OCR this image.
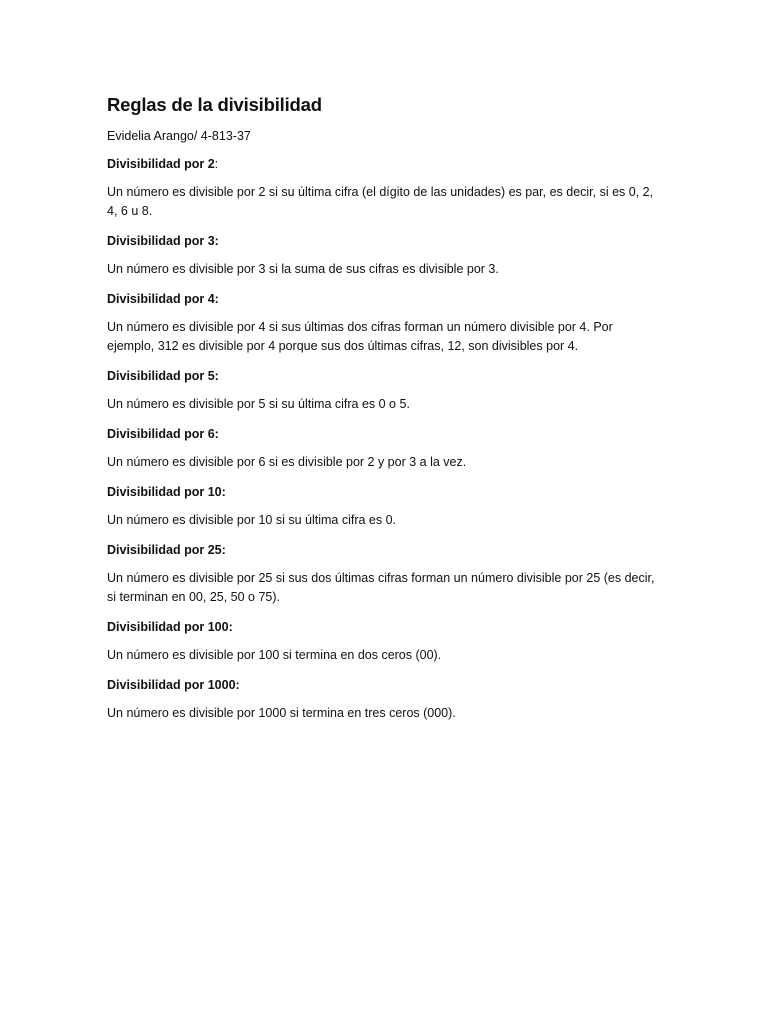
Reglas de la divisibilidad

Evidelia Arango/ 4-813-37

Divisibilidad por 2:

Un número es divisible por 2 si su última cifra (el dígito de las unidades) es par, es decir, si es 0, 2, 4, 6 u 8.

Divisibilidad por 3:

Un número es divisible por 3 si la suma de sus cifras es divisible por 3.

Divisibilidad por 4:

Un número es divisible por 4 si sus últimas dos cifras forman un número divisible por 4. Por ejemplo, 312 es divisible por 4 porque sus dos últimas cifras, 12, son divisibles por 4.

Divisibilidad por 5:

Un número es divisible por 5 si su última cifra es 0 o 5.

Divisibilidad por 6:

Un número es divisible por 6 si es divisible por 2 y por 3 a la vez.

Divisibilidad por 10:

Un número es divisible por 10 si su última cifra es 0.

Divisibilidad por 25:

Un número es divisible por 25 si sus dos últimas cifras forman un número divisible por 25 (es decir, si terminan en 00, 25, 50 o 75).

Divisibilidad por 100:

Un número es divisible por 100 si termina en dos ceros (00).

Divisibilidad por 1000:

Un número es divisible por 1000 si termina en tres ceros (000).
